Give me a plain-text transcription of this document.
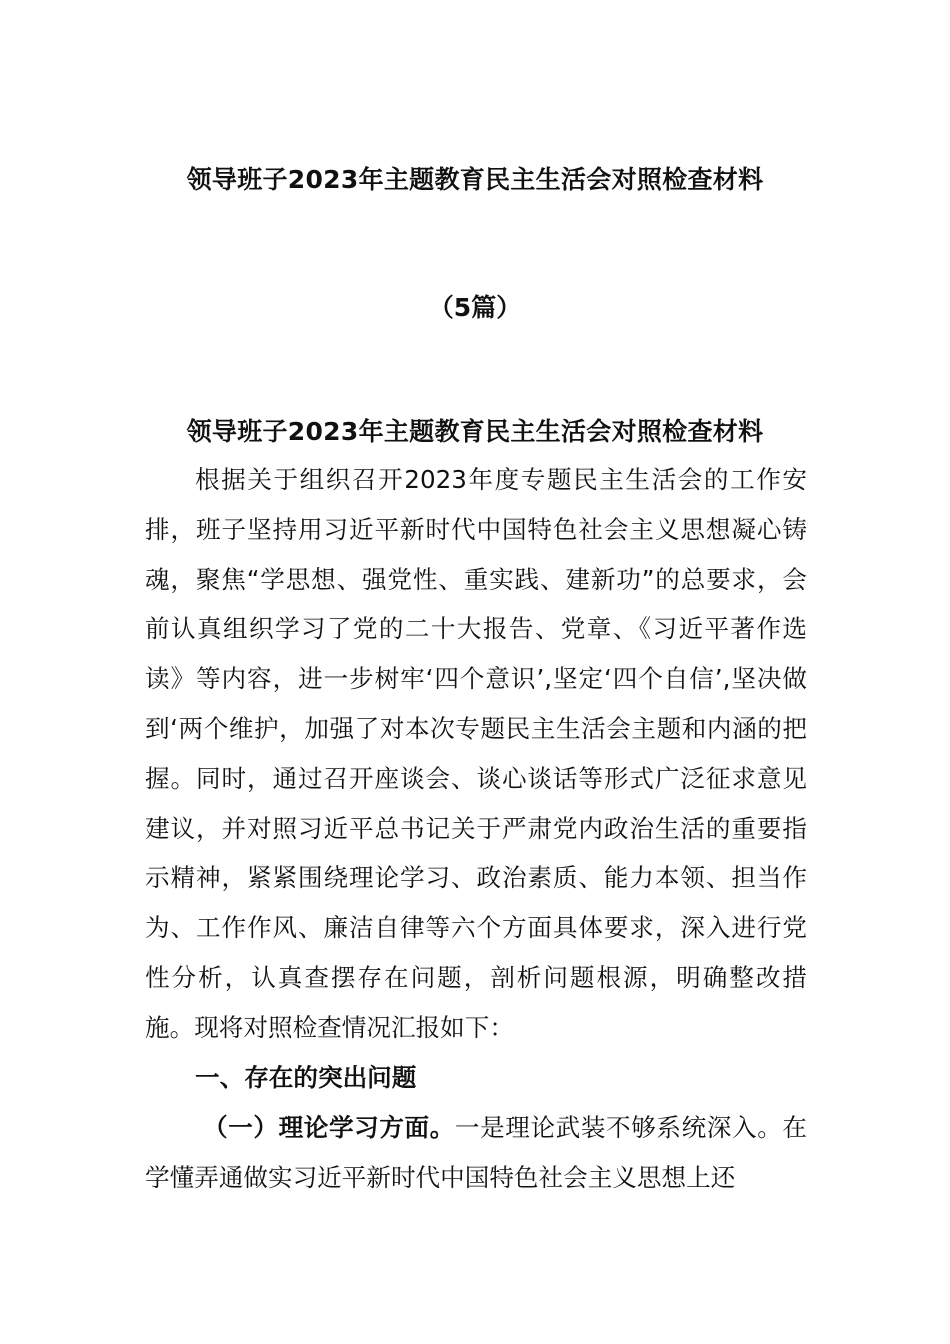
领导班子2023年主题教育民主生活会对照检查材料
（5篇）
领导班子2023年主题教育民主生活会对照检查材料

根据关于组织召开2023年度专题民主生活会的工作安排，班子坚持用习近平新时代中国特色社会主义思想凝心铸魂，聚焦“学思想、强党性、重实践、建新功”的总要求，会前认真组织学习了党的二十大报告、党章、《习近平著作选读》等内容，进一步树牢‘四个意识’,坚定‘四个自信’,坚决做到‘两个维护，加强了对本次专题民主生活会主题和内涵的把握。同时，通过召开座谈会、谈心谈话等形式广泛征求意见建议，并对照习近平总书记关于严肃党内政治生活的重要指示精神，紧紧围绕理论学习、政治素质、能力本领、担当作为、工作作风、廉洁自律等六个方面具体要求，深入进行党性分析，认真查摆存在问题，剖析问题根源，明确整改措施。现将对照检查情况汇报如下：

一、存在的突出问题

（一）理论学习方面。一是理论武装不够系统深入。在学懂弄通做实习近平新时代中国特色社会主义思想上还
